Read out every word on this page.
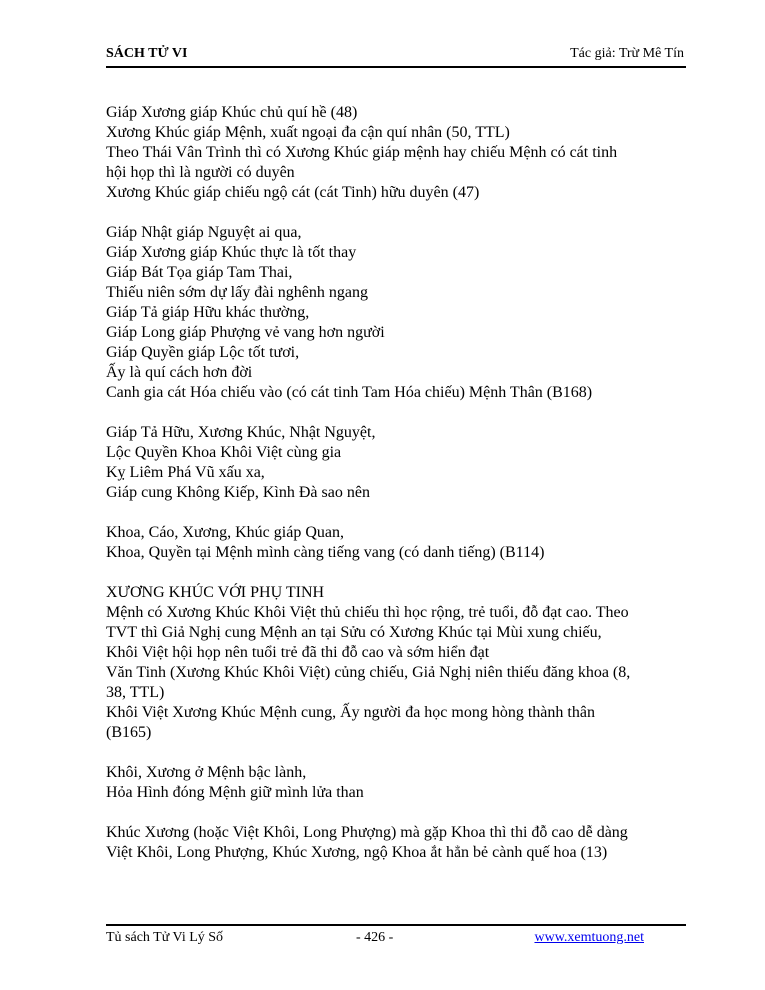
SÁCH TỬ VI	Tác giả: Trừ Mê Tín
Giáp Xương giáp Khúc chủ quí hề (48)
Xương Khúc giáp Mệnh, xuất ngoại đa cận quí nhân (50, TTL)
Theo Thái Vân Trình thì có Xương Khúc giáp mệnh hay chiếu Mệnh có cát tinh
hội họp thì là người có duyên
Xương Khúc giáp chiếu ngộ cát (cát Tinh) hữu duyên (47)
Giáp Nhật giáp Nguyệt ai qua,
Giáp Xương giáp Khúc thực là tốt thay
Giáp Bát Tọa giáp Tam Thai,
Thiếu niên sớm dự lấy đài nghênh ngang
Giáp Tả giáp Hữu khác thường,
Giáp Long giáp Phượng vẻ vang hơn người
Giáp Quyền giáp Lộc tốt tươi,
Ấy là quí cách hơn đời
Canh gia cát Hóa chiếu vào (có cát tinh Tam Hóa chiếu) Mệnh Thân (B168)
Giáp Tả Hữu, Xương Khúc, Nhật Nguyệt,
Lộc Quyền Khoa Khôi Việt cùng gia
Kỵ Liêm Phá Vũ xấu xa,
Giáp cung Không Kiếp, Kình Đà sao nên
Khoa, Cáo, Xương, Khúc giáp Quan,
Khoa, Quyền tại Mệnh mình càng tiếng vang (có danh tiếng) (B114)
XƯƠNG KHÚC VỚI PHỤ TINH
Mệnh có Xương Khúc Khôi Việt thủ chiếu thì học rộng, trẻ tuổi, đỗ đạt cao. Theo
TVT thì Giả Nghị cung Mệnh an tại Sửu có Xương Khúc tại Mùi xung chiếu,
Khôi Việt hội họp nên tuổi trẻ đã thi đỗ cao và sớm hiển đạt
Văn Tinh (Xương Khúc Khôi Việt) củng chiếu, Giả Nghị niên thiếu đăng khoa (8,
38, TTL)
Khôi Việt Xương Khúc Mệnh cung, Ấy người đa học mong hòng thành thân
(B165)
Khôi, Xương ở Mệnh bậc lành,
Hỏa Hình đóng Mệnh giữ mình lửa than
Khúc Xương (hoặc Việt Khôi, Long Phượng) mà gặp Khoa thì thi đỗ cao dễ dàng
Việt Khôi, Long Phượng, Khúc Xương, ngộ Khoa ắt hẳn bẻ cành quế hoa (13)
Tủ sách Tử Vi Lý Số	- 426 -	www.xemtuong.net
